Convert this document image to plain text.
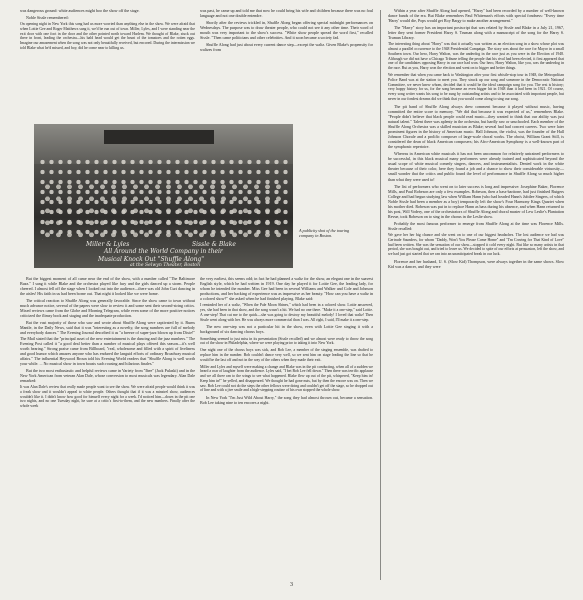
was dangerous ground: white audiences might boo the show off the stage.

Noble Sissle remembered:

On opening night in New York this song had us more worried than anything else in the show. We were afraid that when Lottie Gee and Roger Matthews sang it, we'd be run out of town. Miller, Lyles, and I were standing near the exit door with one foot in the door and the other pointed north toward Harlem. We thought of Blake, stuck out there in front, leading the orchestra—his bald head would get the brunt of the tomatoes and the rotten eggs. Imagine our amazement when the song was not only beautifully received, but encored. During the intermission we told Blake what he'd missed, and boy, did he come near to killing us.

was past, he came up and told me that now he could bring his wife and children because there was no foul language and not one double entendre.

Shortly after the reviews trickled in, Shuffle Along began offering special midnight performances on Wednesdays. The purpose was to draw theater people, who could not see it any other time. Their word of mouth was very important to the show's success. "White show people spread the word first," recalled Sissle. "Then came politicians and other celebrities. And it soon became a society fad.

Shuffle Along had just about every current dance step—except the waltz. Given Blake's propensity for waltzes from

Within a year after Shuffle Along had opened, "Harry" had been recorded by a number of well-known dance bands of the era. But Blake remembers Paul Whiteman's efforts with special fondness: "Every time 'Harry' would die, Pops would get Roy Bargy to make another arrangement."

The "Harry" story has an important postscript that was related by Sissle and Blake in a July 21, 1967, letter they sent former President Harry S. Truman along with a manuscript of the song for the Harry S. Truman Library.

The interesting thing about "Harry" was that it actually was written as an election song in a show whose plot was almost a parallel occurrence to the 1948 Presidential Campaign. The story was about the race for Mayor in a small Southern town. Our hero, Harry Walton, was the underdog in the race just as you were in the Election of 1948. Although we did not have a Chicago Tribune telling the people that his rival had been elected, it first appeared that one of the candidates opposing Harry in our race had won. Our hero, Harry Walton, like you, was the underdog in the race. But as you, Harry won the election and went on to bigger and better things.

We remember that when you came back to Washington after your first whistle-stop tour in 1948, the Metropolitan Police Band was at the station to meet you. They struck up our song and someone in the Democratic National Committee, we never knew whom, decided that it would be the ideal campaign song for you. The rest is history; very happy history for us, for the song became an even bigger hit in 1948 than it had been in 1921. Of course, every song writer wants his song to be sung by outstanding artists and to be associated with important people, but never in our fondest dreams did we think that you would come along to sing our song.

The pit band of Shuffle Along always drew comment because it played without music, having committed the entire score to memory. "We did that because it was expected of us," remembers Blake. "People didn't believe that black people could read music—they wanted to think that our ability was just natural talent." Talent there was aplenty in the orchestra, but hardly raw or unschooled. Each member of the Shuffle Along Orchestra was a skilled musician as Blake; several had had concert careers. Two were later prominent figures in the history of American music. Hall Johnson, the violist, was the founder of the Hall Johnson Chorale and a prolific composer of large-scale choral works. The oboist, William Grant Still, is considered the dean of black American composers; his Afro-American Symphony is a well-known part of the symphonic repertoire.

Whereas in American white musicals it has not been uncommon for relatively untrained performers to be successful, in this black musical many performers were already trained and sophisticated beyond the usual scope of white musical comedy singers, dancers, and instrumentalists. Denied work in the white theater because of their color, here they found a job and a chance to show their considerable virtuosity—small wonder that the critics and public found the level of performance in Shuffle Along so much higher than what they were used to!

The list of performers who went on to later success is long and impressive: Josephine Baker, Florence Mills, and Paul Robeson are only a few examples. Robeson, then a bass-baritone, had just finished Rutgers College and had begun studying law when William Hann (who had headed Hann's Jubilee Singers, of which Noble Sissle had been a member as a boy) temporarily left the show's Four Harmony Kings Quartet when his mother died. Robeson was put in to replace Hann as bass during his absence, and when Hann returned to his post, Will Vodery, one of the orchestrators of Shuffle Along and choral master of Lew Leslie's Plantation Revue, took Robeson on to sing in the chorus in the Leslie show.

Probably the most famous performer to emerge from Shuffle Along at the time was Florence Mills. Sissle recalled:

We gave her her big chance and she went on to one of our biggest headaches. The lost audience we had was Gertrude Saunders, for whom "Daddy, Won't You Please Come Home" and "I'm Craving for That Kind of Love" had been written. She was the sensation of our show—stopped it cold every night. But like so many artists in that period, she was bought out, and tried to leave us. We decided to spite of our efforts at persuasion, left the show, and we had just got started that we ran into an unanticipated break in our luck.

Florence and her husband, U. S. (Slow Kid) Thompson, were always together in the same shows. Slow Kid was a dancer, and they were

Miller & Lyles	Sissle & Blake
All Around the World Company in their
Musical Knock Out "Shuffle Along"
at the Selwyn Theater, Boston
A publicity shot of the touring company in Boston.

But the biggest moment of all came near the end of the show, with a number called "The Baltimore Buzz." I sang it while Blake and the orchestra played like fury and the girls danced up a storm. People cheered. I almost fell off the stage when I looked out into the audience—there was old John Curt dancing in the aisles! His faith in us had been borne out. That night it looked like we were home.

The critical reaction to Shuffle Along was generally favorable. Since the show came to town without much advance notice, several of the papers were slow to review it and some sent their second-string critics. Mixed reviews came from the Globe and Morning Telegram, while even some of the more positive notices criticized the flimsy book and staging and the inadequate production.

But the vast majority of those who saw and wrote about Shuffle Along were captivated by it. Burns Mantle, in the Daily News, said that it was "interesting as a novelty, the song numbers are full of melody and everybody dances." The Evening Journal described it as "a breeze of super-jazz blown up from Dixie!" The Mail stated that the "principal asset of the new entertainment is the dancing and the jazz numbers." The Evening Post called it "a good deal better than a number of musical plays offered this season—it's well worth hearing." Strong praise came from Billboard, "real, wholesome and filled with a spirit of liveliness and good humor which amazes anyone who has endured the languid efforts of ordinary Broadway musical affairs." The influential Heywood Broun told his Evening World readers that "Shuffle Along is well worth your while. ... No musical show in town boasts such rousing and hilarious finales."

But the two most enthusiastic and helpful reviews came in Variety from "Ibee" (Jack Pulaski) and in the New York American from veteran Alan Dale, whose conversion to most musicals was legendary. Alan Dale remarked:

It was Alan Dale's review that really made people want to see the show. We were afraid people would think it was a freak show and it wouldn't appeal to white people. Others thought that if it was a minstrel show, audiences wouldn't like it. I didn't know how good for himself every night for a week. I'd noticed him—down in the pit one two nights, and no one Tuesday night, he sure at a critic's first-to-them, and the new numbers. Finally after the whole week

the very earliest, this seems odd; in fact he had planned a waltz for the show, an elegant one in the suavest English style, which he had written in 1919. One day he played it for Lottie Gee, the leading lady, for whom he intended the number. Miss Gee had been in several Williams and Walker and Cole and Johnson productions, and her backing of experience was as impressive as her beauty. "How can you have a waltz in a colored show?" she asked when he had finished playing. Blake said:

I reminded her of a waltz, "When the Pale Moon Shines," which had been in a colored show. Lottie answered, yes, she had been in that show, and the song wasn't a hit. We had no one there. "Make it a one-step," said Lottie. A one-step! That cut me to the quick—she was going to destroy my beautiful melody! I loved that waltz! Then Sissle went along with her. He was always more commercial than I was. All right, I said, I'll make it a one-step.

The new one-step was not a particular hit in the show, even with Lottie Gee singing it with a background of six dancing chorus boys.

Something seemed to just miss in its presentation (Sissle recalled) and we almost were ready to throw the song out of the show in Philadelphia, where we were playing prior to taking it into New York.

One night one of the chorus boys was sick, and Bob Lee, a member of the singing ensemble, was drafted to replace him in the number. Bob couldn't dance very well, so we sent him on stage leading the line so that he would be the last off and not in the way of the others when they made their exit.

Miller and Lyles and myself were making a change and Blake was in the pit conducting, when all of a sudden we heard a roar of laughter from the audience. Lyles said, "I bet Bob Lee fell down." Then there was terrific applause and we all three ran to the wings to see what happened. Blake flew up out of the pit, whispered, "Keep him in! Keep him in!" he yelled, and disappeared. We thought he had gone nuts, but by then the encore was on. Then we saw. Bob Lee could not do the steps the other fellows were doing and couldn't get off the stage, so he dropped out of line and with a jive smile and a high-stepping routine of his own stopped the whole show.

In New York "I'm Just Wild About Harry," the song they had almost thrown out, became a sensation. Bob Lee taking nine to ten encores a night.

3
